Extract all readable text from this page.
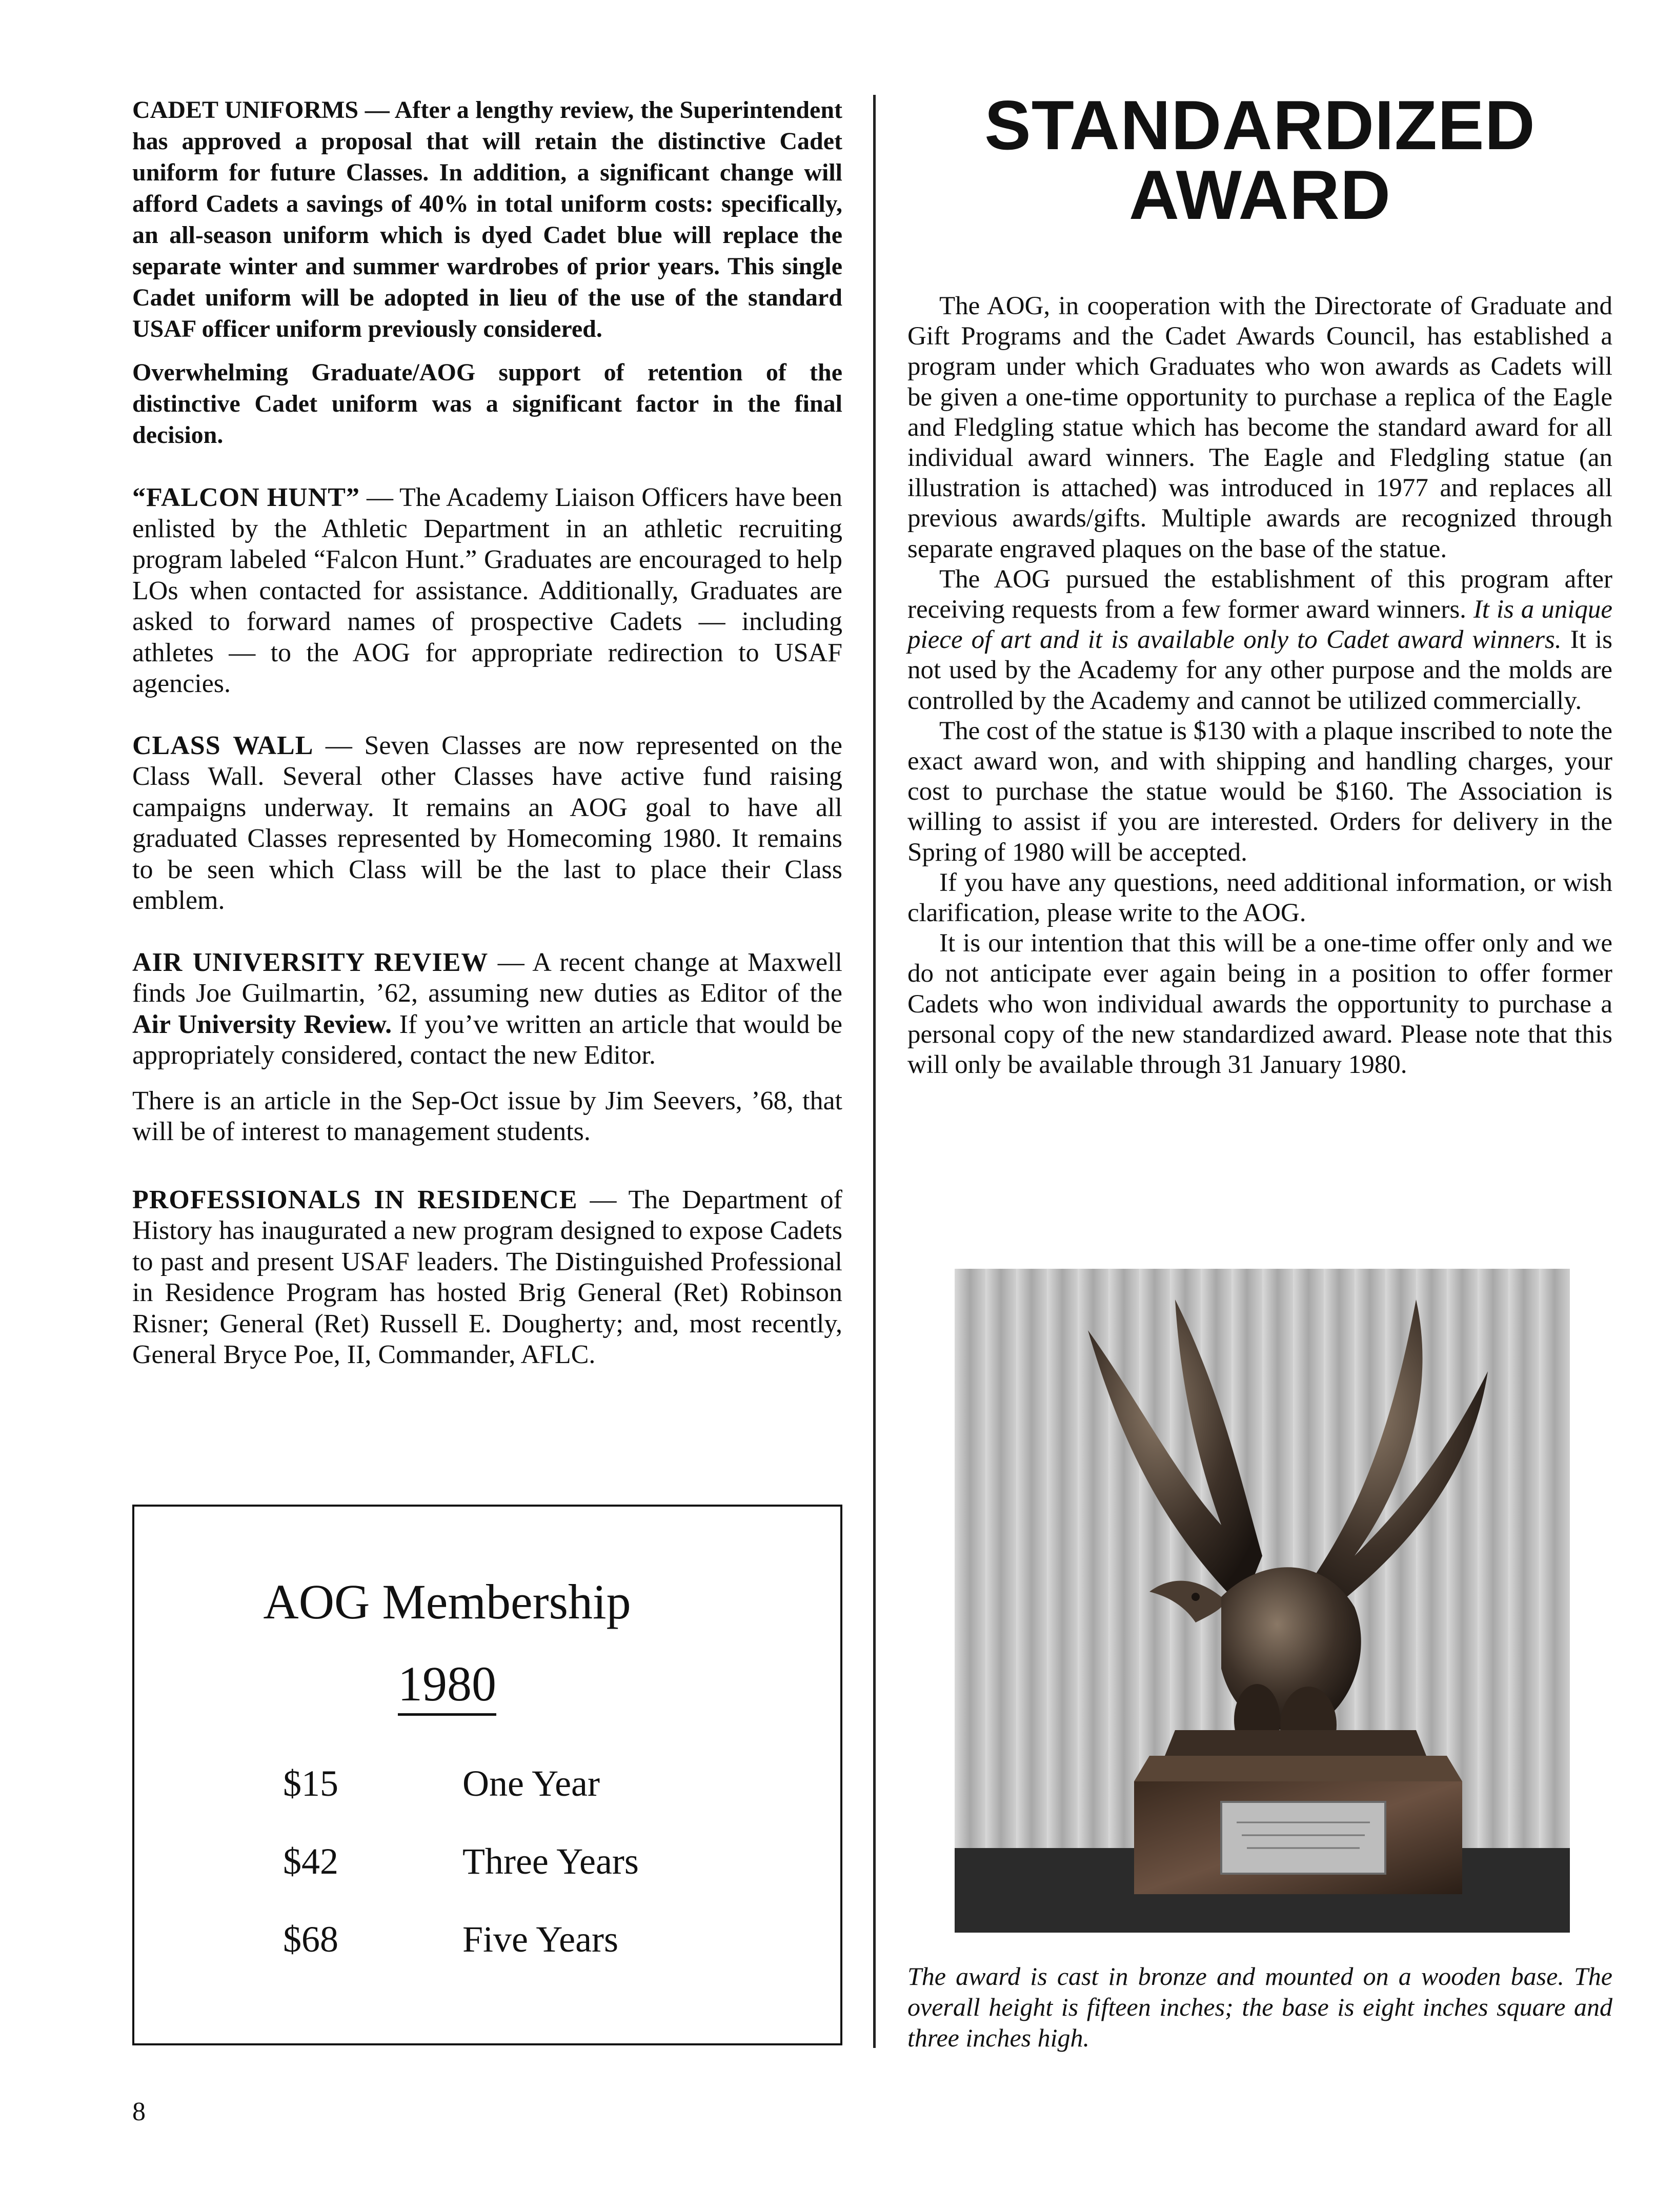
CADET UNIFORMS — After a lengthy review, the Superintendent has approved a proposal that will retain the distinctive Cadet uniform for future Classes. In addition, a significant change will afford Cadets a savings of 40% in total uniform costs: specifically, an all-season uniform which is dyed Cadet blue will replace the separate winter and summer wardrobes of prior years. This single Cadet uniform will be adopted in lieu of the use of the standard USAF officer uniform previously considered.

Overwhelming Graduate/AOG support of retention of the distinctive Cadet uniform was a significant factor in the final decision.

“FALCON HUNT” — The Academy Liaison Officers have been enlisted by the Athletic Department in an athletic recruiting program labeled “Falcon Hunt.” Graduates are encouraged to help LOs when contacted for assistance. Additionally, Graduates are asked to forward names of prospective Cadets — including athletes — to the AOG for appropriate redirection to USAF agencies.

CLASS WALL — Seven Classes are now represented on the Class Wall. Several other Classes have active fund raising campaigns underway. It remains an AOG goal to have all graduated Classes represented by Homecoming 1980. It remains to be seen which Class will be the last to place their Class emblem.

AIR UNIVERSITY REVIEW — A recent change at Maxwell finds Joe Guilmartin, ’62, assuming new duties as Editor of the Air University Review. If you’ve written an article that would be appropriately considered, contact the new Editor.

There is an article in the Sep-Oct issue by Jim Seevers, ’68, that will be of interest to management students.

PROFESSIONALS IN RESIDENCE — The Department of History has inaugurated a new program designed to expose Cadets to past and present USAF leaders. The Distinguished Professional in Residence Program has hosted Brig General (Ret) Robinson Risner; General (Ret) Russell E. Dougherty; and, most recently, General Bryce Poe, II, Commander, AFLC.

AOG Membership
1980
$15	One Year
$42	Three Years
$68	Five Years
STANDARDIZED
AWARD

The AOG, in cooperation with the Directorate of Graduate and Gift Programs and the Cadet Awards Council, has established a program under which Graduates who won awards as Cadets will be given a one-time opportunity to purchase a replica of the Eagle and Fledgling statue which has become the standard award for all individual award winners. The Eagle and Fledgling statue (an illustration is attached) was introduced in 1977 and replaces all previous awards/gifts. Multiple awards are recognized through separate engraved plaques on the base of the statue.

The AOG pursued the establishment of this program after receiving requests from a few former award winners. It is a unique piece of art and it is available only to Cadet award winners. It is not used by the Academy for any other purpose and the molds are controlled by the Academy and cannot be utilized commercially.

The cost of the statue is $130 with a plaque inscribed to note the exact award won, and with shipping and handling charges, your cost to purchase the statue would be $160. The Association is willing to assist if you are interested. Orders for delivery in the Spring of 1980 will be accepted.

If you have any questions, need additional information, or wish clarification, please write to the AOG.

It is our intention that this will be a one-time offer only and we do not anticipate ever again being in a position to offer former Cadets who won individual awards the opportunity to purchase a personal copy of the new standardized award. Please note that this will only be available through 31 January 1980.

The award is cast in bronze and mounted on a wooden base. The overall height is fifteen inches; the base is eight inches square and three inches high.

8
